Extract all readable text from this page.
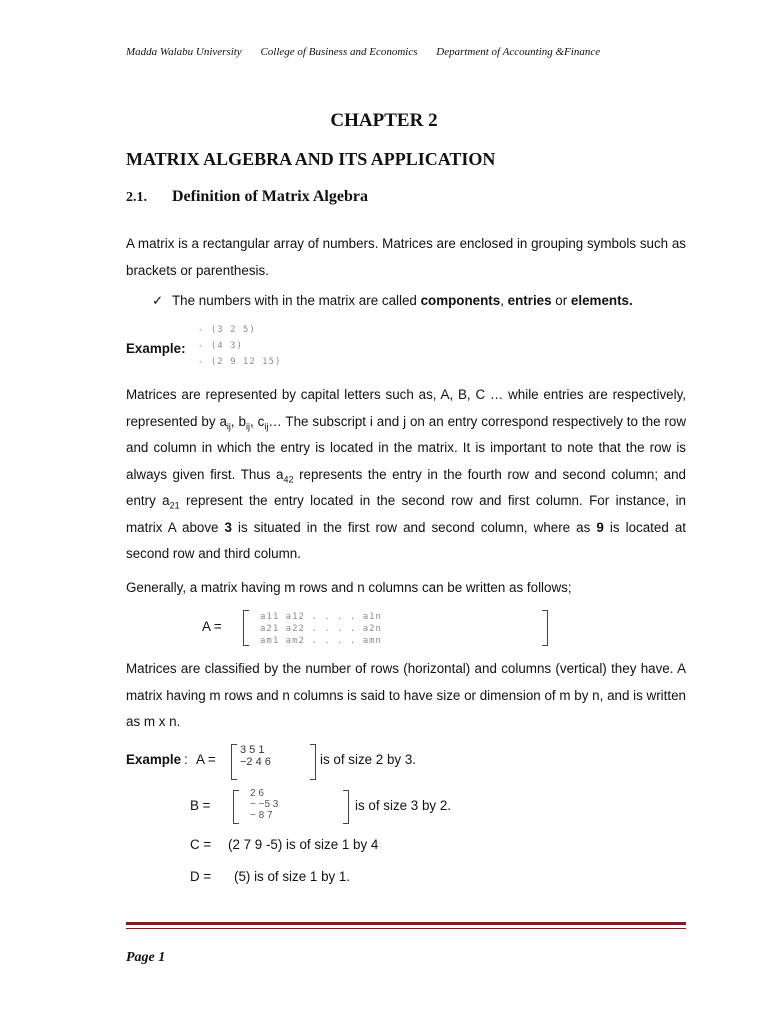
Madda Walabu University College of Business and Economics Department of Accounting &Finance
CHAPTER 2
MATRIX ALGEBRA AND ITS APPLICATION
2.1. Definition of Matrix Algebra
A matrix is a rectangular array of numbers. Matrices are enclosed in grouping symbols such as brackets or parenthesis.
✓ The numbers with in the matrix are called components, entries or elements.
Example:
- (3 2 5)
- (4 3)
- (2 9 12 15)
Matrices are represented by capital letters such as, A, B, C … while entries are respectively, represented by $a_{ij}$, $b_{ij}$, $c_{ij}\dots$ The subscript i and j on an entry correspond respectively to the row and column in which the entry is located in the matrix. It is important to note that the row is always given first. Thus $a_{42}$ represents the entry in the fourth row and second column; and entry $a_{21}$ represent the entry located in the second row and first column. For instance, in matrix A above 3 is situated in the first row and second column, where as 9 is located at second row and third column.
Generally, a matrix having m rows and n columns can be written as follows;
A =
a11 a12 . . . . a1n
a21 a22 . . . . a2n
am1 am2 . . . . amn
Matrices are classified by the number of rows (horizontal) and columns (vertical) they have. A matrix having m rows and n columns is said to have size or dimension of m by n, and is written as m x n.
Example : A =
3 5 1
−2 4 6	is of size 2 by 3.
B =
2 6
− −5 3
− 8 7
is of size 3 by 2.
C = (2 7 9 -5) is of size 1 by 4
D = (5) is of size 1 by 1.
Page 1
